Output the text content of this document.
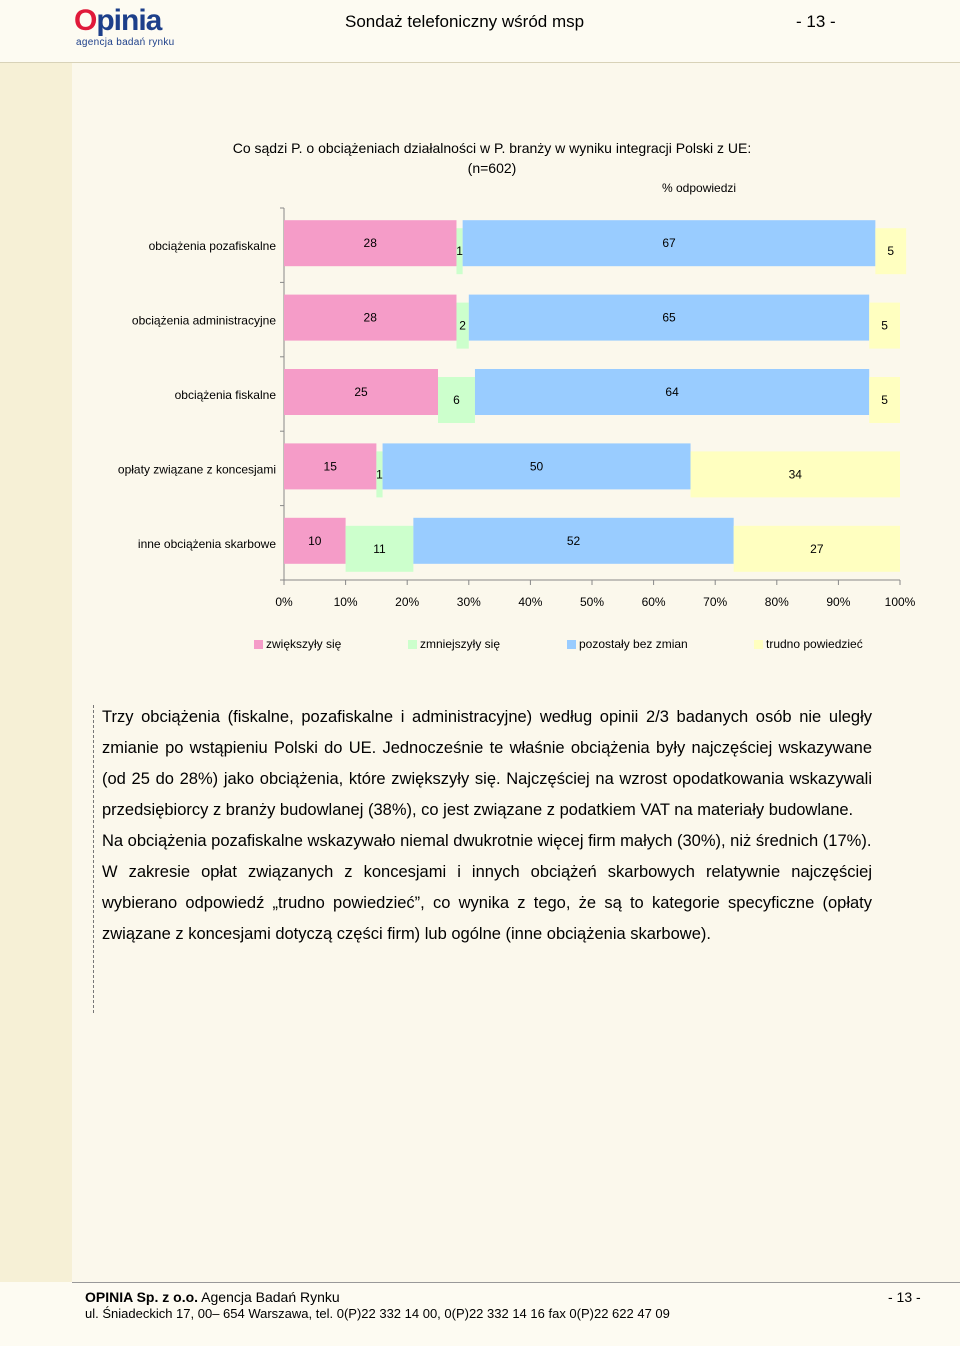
Opinia
agencja badań rynku
Sondaż telefoniczny wśród msp	- 13 -
Co sądzi P. o obciążeniach działalności w P. branży w wyniku integracji Polski z UE:
(n=602)
% odpowiedzi
0%	10%	20%	30%	40%	50%	60%	70%	80%	90%	100%
obciążenia pozafiskalne	28
1
67
5
obciążenia administracyjne	28
2
65
5
obciążenia fiskalne	25
6
64
5
opłaty związane z koncesjami	15
1
50
34
inne obciążenia skarbowe	10
11
52
27
zwiększyły się	zmniejszyły się	pozostały bez zmian	trudno powiedzieć

Trzy obciążenia (fiskalne, pozafiskalne i administracyjne) według opinii 2/3 badanych osób nie uległy zmianie po wstąpieniu Polski do UE. Jednocześnie te właśnie obciążenia były najczęściej wskazywane (od 25 do 28%) jako obciążenia, które zwiększyły się. Najczęściej na wzrost opodatkowania wskazywali przedsiębiorcy z branży budowlanej (38%), co jest związane z podatkiem VAT na materiały budowlane.

Na obciążenia pozafiskalne wskazywało niemal dwukrotnie więcej firm małych (30%), niż średnich (17%).

W zakresie opłat związanych z koncesjami i innych obciążeń skarbowych relatywnie najczęściej wybierano odpowiedź „trudno powiedzieć”, co wynika z tego, że są to kategorie specyficzne (opłaty związane z koncesjami dotyczą części firm) lub ogólne (inne obciążenia skarbowe).

OPINIA Sp. z o.o. Agencja Badań Rynku
ul. Śniadeckich 17, 00– 654 Warszawa, tel. 0(P)22 332 14 00, 0(P)22 332 14 16 fax 0(P)22 622 47 09
- 13 -
